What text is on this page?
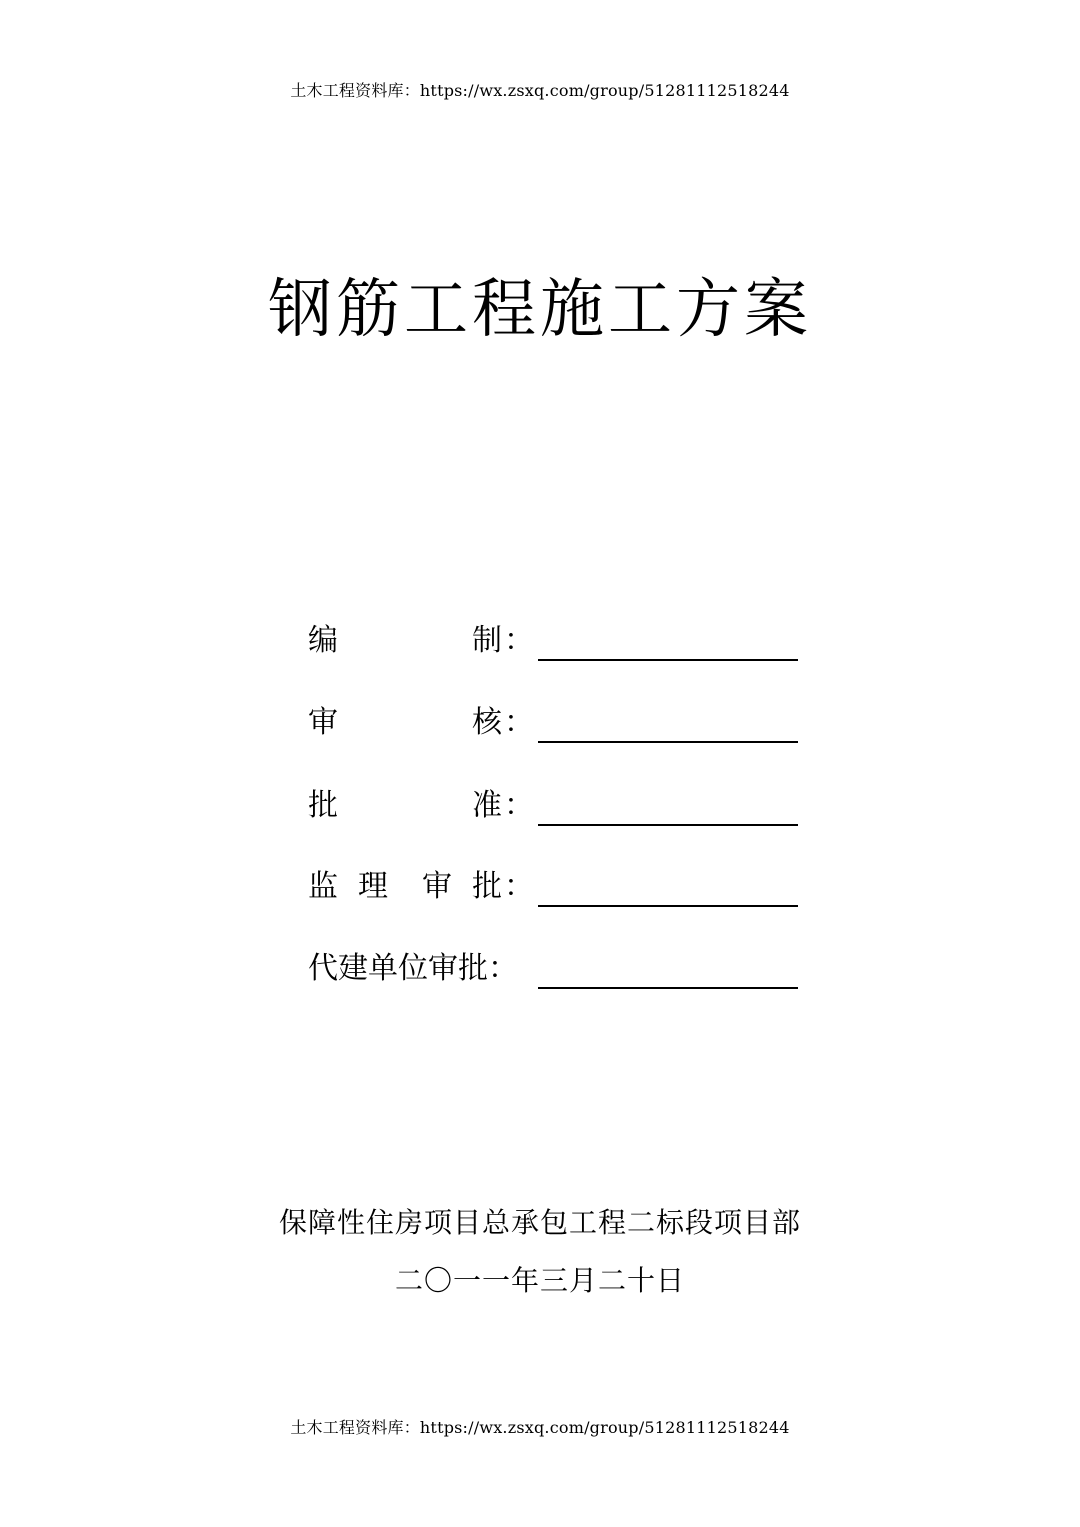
土木工程资料库：https://wx.zsxq.com/group/51281112518244
钢筋工程施工方案
编	制 ：
审	核 ：
批	准 ：
监 理 审 批 ：
代建单位审批：
保障性住房项目总承包工程二标段项目部
二〇一一年三月二十日
土木工程资料库：https://wx.zsxq.com/group/51281112518244
